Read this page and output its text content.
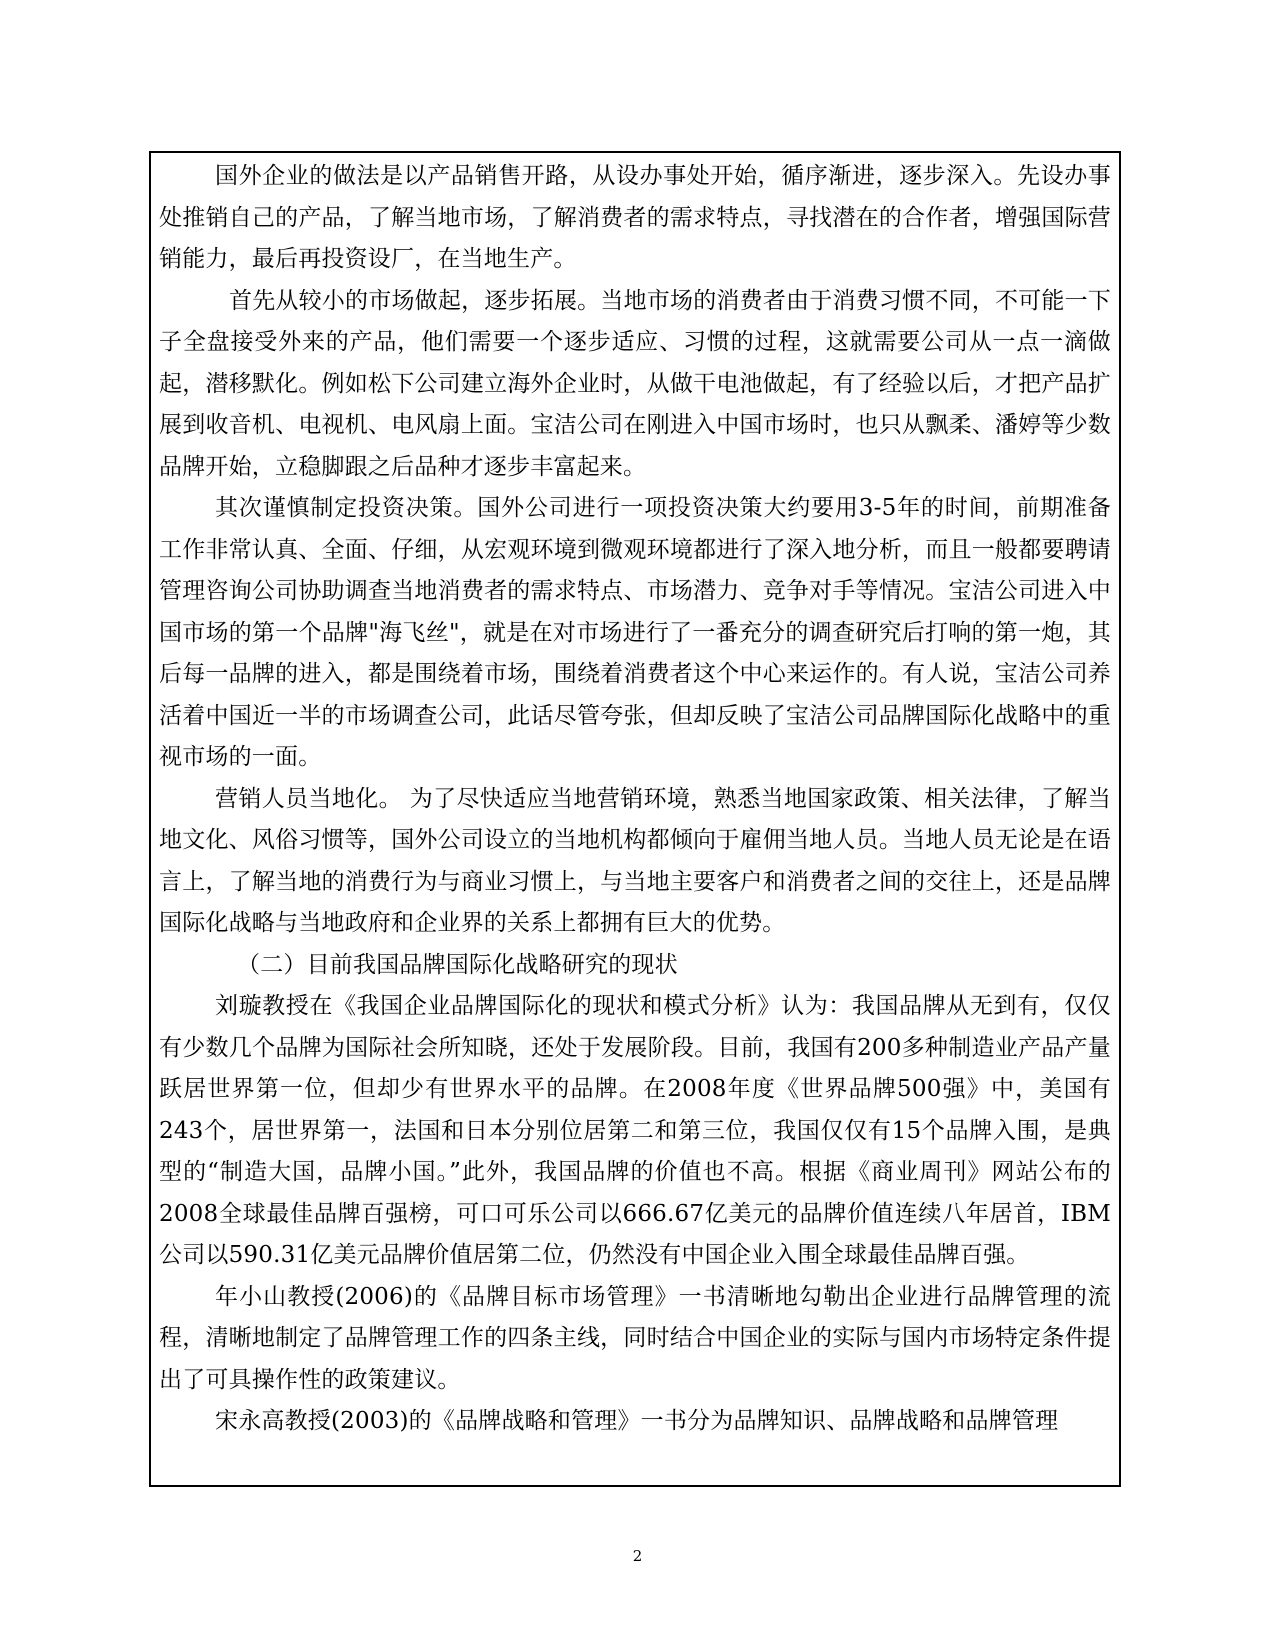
国外企业的做法是以产品销售开路，从设办事处开始，循序渐进，逐步深入。先设办事处推销自己的产品，了解当地市场，了解消费者的需求特点，寻找潜在的合作者，增强国际营销能力，最后再投资设厂，在当地生产。

首先从较小的市场做起，逐步拓展。当地市场的消费者由于消费习惯不同，不可能一下子全盘接受外来的产品，他们需要一个逐步适应、习惯的过程，这就需要公司从一点一滴做起，潜移默化。例如松下公司建立海外企业时，从做干电池做起，有了经验以后，才把产品扩展到收音机、电视机、电风扇上面。宝洁公司在刚进入中国市场时，也只从飘柔、潘婷等少数品牌开始，立稳脚跟之后品种才逐步丰富起来。

其次谨慎制定投资决策。国外公司进行一项投资决策大约要用3-5年的时间，前期准备工作非常认真、全面、仔细，从宏观环境到微观环境都进行了深入地分析，而且一般都要聘请管理咨询公司协助调查当地消费者的需求特点、市场潜力、竞争对手等情况。宝洁公司进入中国市场的第一个品牌"海飞丝"，就是在对市场进行了一番充分的调查研究后打响的第一炮，其后每一品牌的进入，都是围绕着市场，围绕着消费者这个中心来运作的。有人说，宝洁公司养活着中国近一半的市场调查公司，此话尽管夸张，但却反映了宝洁公司品牌国际化战略中的重视市场的一面。

营销人员当地化。 为了尽快适应当地营销环境，熟悉当地国家政策、相关法律，了解当地文化、风俗习惯等，国外公司设立的当地机构都倾向于雇佣当地人员。当地人员无论是在语言上，了解当地的消费行为与商业习惯上，与当地主要客户和消费者之间的交往上，还是品牌国际化战略与当地政府和企业界的关系上都拥有巨大的优势。

（二）目前我国品牌国际化战略研究的现状

刘璇教授在《我国企业品牌国际化的现状和模式分析》认为：我国品牌从无到有，仅仅有少数几个品牌为国际社会所知晓，还处于发展阶段。目前，我国有200多种制造业产品产量跃居世界第一位，但却少有世界水平的品牌。在2008年度《世界品牌500强》中，美国有243个，居世界第一，法国和日本分别位居第二和第三位，我国仅仅有15个品牌入围，是典型的“制造大国，品牌小国。”此外，我国品牌的价值也不高。根据《商业周刊》网站公布的2008全球最佳品牌百强榜，可口可乐公司以666.67亿美元的品牌价值连续八年居首，IBM公司以590.31亿美元品牌价值居第二位，仍然没有中国企业入围全球最佳品牌百强。

年小山教授(2006)的《品牌目标市场管理》一书清晰地勾勒出企业进行品牌管理的流程，清晰地制定了品牌管理工作的四条主线，同时结合中国企业的实际与国内市场特定条件提出了可具操作性的政策建议。

宋永高教授(2003)的《品牌战略和管理》一书分为品牌知识、品牌战略和品牌管理

2
